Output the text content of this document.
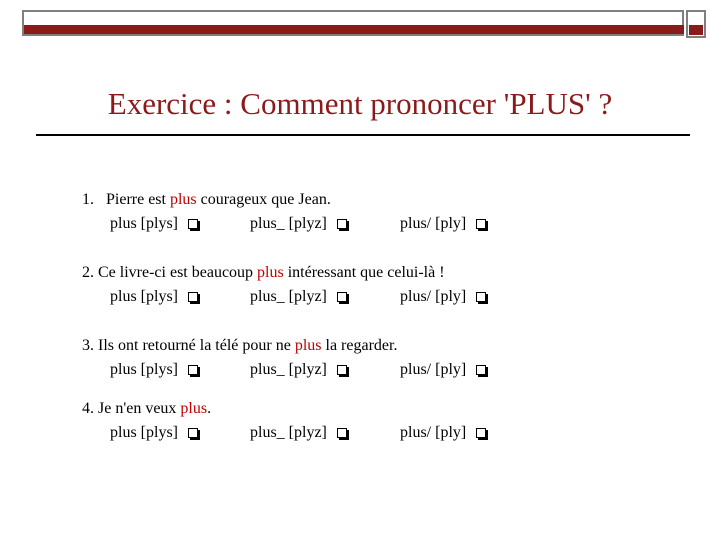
Exercice : Comment prononcer 'PLUS' ?
1.   Pierre est plus courageux que Jean.
plus [plys]	plus_ [plyz]	plus/ [ply]
2. Ce livre-ci est beaucoup plus intéressant que celui-là !
plus [plys]	plus_ [plyz]	plus/ [ply]
3. Ils ont retourné la télé pour ne plus la regarder.
plus [plys]	plus_ [plyz]	plus/ [ply]
4. Je n'en veux plus.
plus [plys]	plus_ [plyz]	plus/ [ply]
